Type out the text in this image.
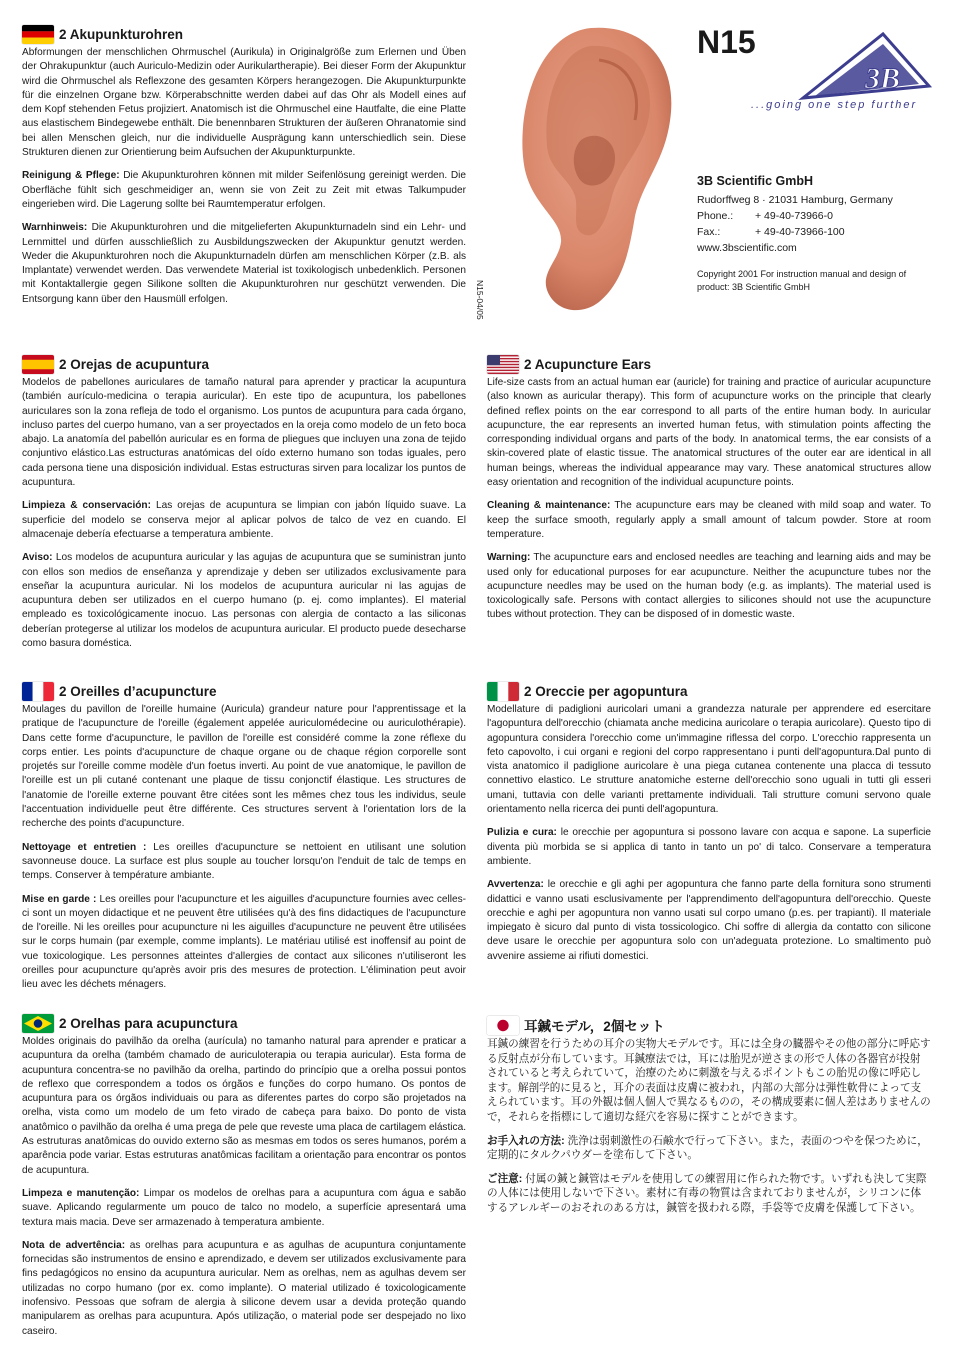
2 Akupunkturohren

Abformungen der menschlichen Ohrmuschel (Aurikula) in Originalgröße zum Erlernen und Üben der Ohrakupunktur (auch Auriculo-Medizin oder Aurikulartherapie). Bei dieser Form der Akupunktur wird die Ohrmuschel als Reflexzone des gesamten Körpers herangezogen. Die Akupunkturpunkte für die einzelnen Organe bzw. Körperabschnitte werden dabei auf das Ohr als Modell eines auf dem Kopf stehenden Fetus projiziert. Anatomisch ist die Ohrmuschel eine Hautfalte, die eine Platte aus elastischem Bindegewebe enthält. Die benennbaren Strukturen der äußeren Ohranatomie sind bei allen Menschen gleich, nur die individuelle Ausprägung kann unterschiedlich sein. Diese Strukturen dienen zur Orientierung beim Aufsuchen der Akupunkturpunkte.

Reinigung & Pflege: Die Akupunkturohren können mit milder Seifenlösung gereinigt werden. Die Oberfläche fühlt sich geschmeidiger an, wenn sie von Zeit zu Zeit mit etwas Talkumpuder eingerieben wird. Die Lagerung sollte bei Raumtemperatur erfolgen.

Warnhinweis: Die Akupunkturohren und die mitgelieferten Akupunkturnadeln sind ein Lehr- und Lernmittel und dürfen ausschließlich zu Ausbildungszwecken der Akupunktur genutzt werden. Weder die Akupunkturohren noch die Akupunkturnadeln dürfen am menschlichen Körper (z.B. als Implantate) verwendet werden. Das verwendete Material ist toxikologisch unbedenklich. Personen mit Kontaktallergie gegen Silikone sollten die Akupunkturohren nur geschützt verwenden. Die Entsorgung kann über den Hausmüll erfolgen.	N15-04/05
N15
3B
...going one step further
3B Scientific GmbH
Rudorffweg 8 · 21031 Hamburg, Germany
Phone.: + 49-40-73966-0
Fax.:	+ 49-40-73966-100
www.3bscientific.com
Copyright 2001 For instruction manual and design of product: 3B Scientific GmbH
2 Orejas de acupuntura

Modelos de pabellones auriculares de tamaño natural para aprender y practicar la acupuntura (también aurículo-medicina o terapia auricular). En este tipo de acupuntura, los pabellones auriculares son la zona refleja de todo el organismo. Los puntos de acupuntura para cada órgano, incluso partes del cuerpo humano, van a ser proyectados en la oreja como modelo de un feto boca abajo. La anatomía del pabellón auricular es en forma de pliegues que incluyen una zona de tejido conjuntivo elástico.Las estructuras anatómicas del oído externo humano son todas iguales, pero cada persona tiene una disposición individual. Estas estructuras sirven para localizar los puntos de acupuntura.

Limpieza & conservación: Las orejas de acupuntura se limpian con jabón líquido suave. La superficie del modelo se conserva mejor al aplicar polvos de talco de vez en cuando. El almacenaje debería efectuarse a temperatura ambiente.

Aviso: Los modelos de acupuntura auricular y las agujas de acupuntura que se suministran junto con ellos son medios de enseñanza y aprendizaje y deben ser utilizados exclusivamente para enseñar la acupuntura auricular. Ni los modelos de acupuntura auricular ni las agujas de acupuntura deben ser utilizados en el cuerpo humano (p. ej. como implantes). El material empleado es toxicológicamente inocuo. Las personas con alergia de contacto a las siliconas deberían protegerse al utilizar los modelos de acupuntura auricular. El producto puede desecharse como basura doméstica.

2 Acupuncture Ears

Life-size casts from an actual human ear (auricle) for training and practice of auricular acupuncture (also known as auricular therapy). This form of acupuncture works on the principle that clearly defined reflex points on the ear correspond to all parts of the entire human body. In auricular acupuncture, the ear represents an inverted human fetus, with stimulation points affecting the corresponding individual organs and parts of the body. In anatomical terms, the ear consists of a skin-covered plate of elastic tissue. The anatomical structures of the outer ear are identical in all human beings, whereas the individual appearance may vary. These anatomical structures allow easy orientation and recognition of the individual acupuncture points.

Cleaning & maintenance: The acupuncture ears may be cleaned with mild soap and water. To keep the surface smooth, regularly apply a small amount of talcum powder. Store at room temperature.

Warning: The acupuncture ears and enclosed needles are teaching and learning aids and may be used only for educational purposes for ear acupuncture. Neither the acupuncture tubes nor the acupuncture needles may be used on the human body (e.g. as implants). The material used is toxicologically safe. Persons with contact allergies to silicones should not use the acupuncture tubes without protection. They can be disposed of in domestic waste.

2 Oreilles d’acupuncture

Moulages du pavillon de l'oreille humaine (Auricula) grandeur nature pour l'apprentissage et la pratique de l'acupuncture de l'oreille (également appelée auriculomédecine ou auriculothérapie). Dans cette forme d'acupuncture, le pavillon de l'oreille est considéré comme la zone réflexe du corps entier. Les points d'acupuncture de chaque organe ou de chaque région corporelle sont projetés sur l'oreille comme modèle d'un foetus inverti. Au point de vue anatomique, le pavillon de l'oreille est un pli cutané contenant une plaque de tissu conjonctif élastique. Les structures de l'anatomie de l'oreille externe pouvant être citées sont les mêmes chez tous les individus, seule l'accentuation individuelle peut être différente. Ces structures servent à l'orientation lors de la recherche des points d'acupuncture.

Nettoyage et entretien : Les oreilles d'acupuncture se nettoient en utilisant une solution savonneuse douce. La surface est plus souple au toucher lorsqu'on l'enduit de talc de temps en temps. Conserver à température ambiante.

Mise en garde : Les oreilles pour l'acupuncture et les aiguilles d'acupuncture fournies avec celles-ci sont un moyen didactique et ne peuvent être utilisées qu'à des fins didactiques de l'acupuncture de l'oreille. Ni les oreilles pour acupuncture ni les aiguilles d'acupuncture ne peuvent être utilisées sur le corps humain (par exemple, comme implants). Le matériau utilisé est inoffensif au point de vue toxicologique. Les personnes atteintes d'allergies de contact aux silicones n'utiliseront les oreilles pour acupuncture qu'après avoir pris des mesures de protection. L'élimination peut avoir lieu avec les déchets ménagers.

2 Oreccie per agopuntura

Modellature di padiglioni auricolari umani a grandezza naturale per apprendere ed esercitare l'agopuntura dell'orecchio (chiamata anche medicina auricolare o terapia auricolare). Questo tipo di agopuntura considera l'orecchio come un'immagine riflessa del corpo. L'orecchio rappresenta un feto capovolto, i cui organi e regioni del corpo rappresentano i punti dell'agopuntura.Dal punto di vista anatomico il padiglione auricolare è una piega cutanea contenente una placca di tessuto connettivo elastico. Le strutture anatomiche esterne dell'orecchio sono uguali in tutti gli esseri umani, tuttavia con delle varianti prettamente individuali. Tali strutture comuni servono quale orientamento nella ricerca dei punti dell'agopuntura.

Pulizia e cura: le orecchie per agopuntura si possono lavare con acqua e sapone. La superficie diventa più morbida se si applica di tanto in tanto un po' di talco. Conservare a temperatura ambiente.

Avvertenza: le orecchie e gli aghi per agopuntura che fanno parte della fornitura sono strumenti didattici e vanno usati esclusivamente per l'apprendimento dell'agopuntura dell'orecchio. Queste orecchie e aghi per agopuntura non vanno usati sul corpo umano (p.es. per trapianti). Il materiale impiegato è sicuro dal punto di vista tossicologico. Chi soffre di allergia da contatto con silicone deve usare le orecchie per agopuntura solo con un'adeguata protezione. Lo smaltimento può avvenire assieme ai rifiuti domestici.

2 Orelhas para acupunctura

Moldes originais do pavilhão da orelha (aurícula) no tamanho natural para aprender e praticar a acupuntura da orelha (também chamado de auriculoterapia ou terapia auricular). Esta forma de acupuntura concentra-se no pavilhão da orelha, partindo do princípio que a orelha possui pontos de reflexo que correspondem a todos os órgãos e funções do corpo humano. Os pontos de acupuntura para os órgãos individuais ou para as diferentes partes do corpo são projetados na orelha, vista como um modelo de um feto virado de cabeça para baixo. Do ponto de vista anatômico o pavilhão da orelha é uma prega de pele que reveste uma placa de cartilagem elástica. As estruturas anatômicas do ouvido externo são as mesmas em todos os seres humanos, porém a aparência pode variar. Estas estruturas anatômicas facilitam a orientação para encontrar os pontos de acupuntura.

Limpeza e manutenção: Limpar os modelos de orelhas para a acupuntura com água e sabão suave. Aplicando regularmente um pouco de talco no modelo, a superfície apresentará uma textura mais macia. Deve ser armazenado à temperatura ambiente.

Nota de advertência: as orelhas para acupuntura e as agulhas de acupuntura conjuntamente fornecidas são instrumentos de ensino e aprendizado, e devem ser utilizados exclusivamente para fins pedagógicos no ensino da acupuntura auricular. Nem as orelhas, nem as agulhas devem ser utilizadas no corpo humano (por ex. como implante). O material utilizado é toxicologicamente inofensivo. Pessoas que sofram de alergia à silicone devem usar a devida proteção quando manipularem as orelhas para acupuntura. Após utilização, o material pode ser despejado no lixo caseiro.

耳鍼モデル，2個セット

耳鍼の練習を行うための耳介の実物大モデルです。耳には全身の臓器やその他の部分に呼応する反射点が分布しています。耳鍼療法では，耳には胎児が逆さまの形で人体の各器官が投射されていると考えられていて，治療のために刺激を与えるポイントもこの胎児の像に呼応します。解剖学的に見ると，耳介の表面は皮膚に被われ，内部の大部分は弾性軟骨によって支えられています。耳の外観は個人個人で異なるものの，その構成要素に個人差はありませんので，それらを指標にして適切な経穴を容易に探すことができます。

お手入れの方法: 洗浄は弱刺激性の石鹸水で行って下さい。また，表面のつやを保つために，定期的にタルクパウダーを塗布して下さい。

ご注意: 付属の鍼と鍼管はモデルを使用しての練習用に作られた物です。いずれも決して実際の人体には使用しないで下さい。素材に有毒の物質は含まれておりませんが，シリコンに体するアレルギーのおそれのある方は，鍼管を扱われる際，手袋等で皮膚を保護して下さい。
